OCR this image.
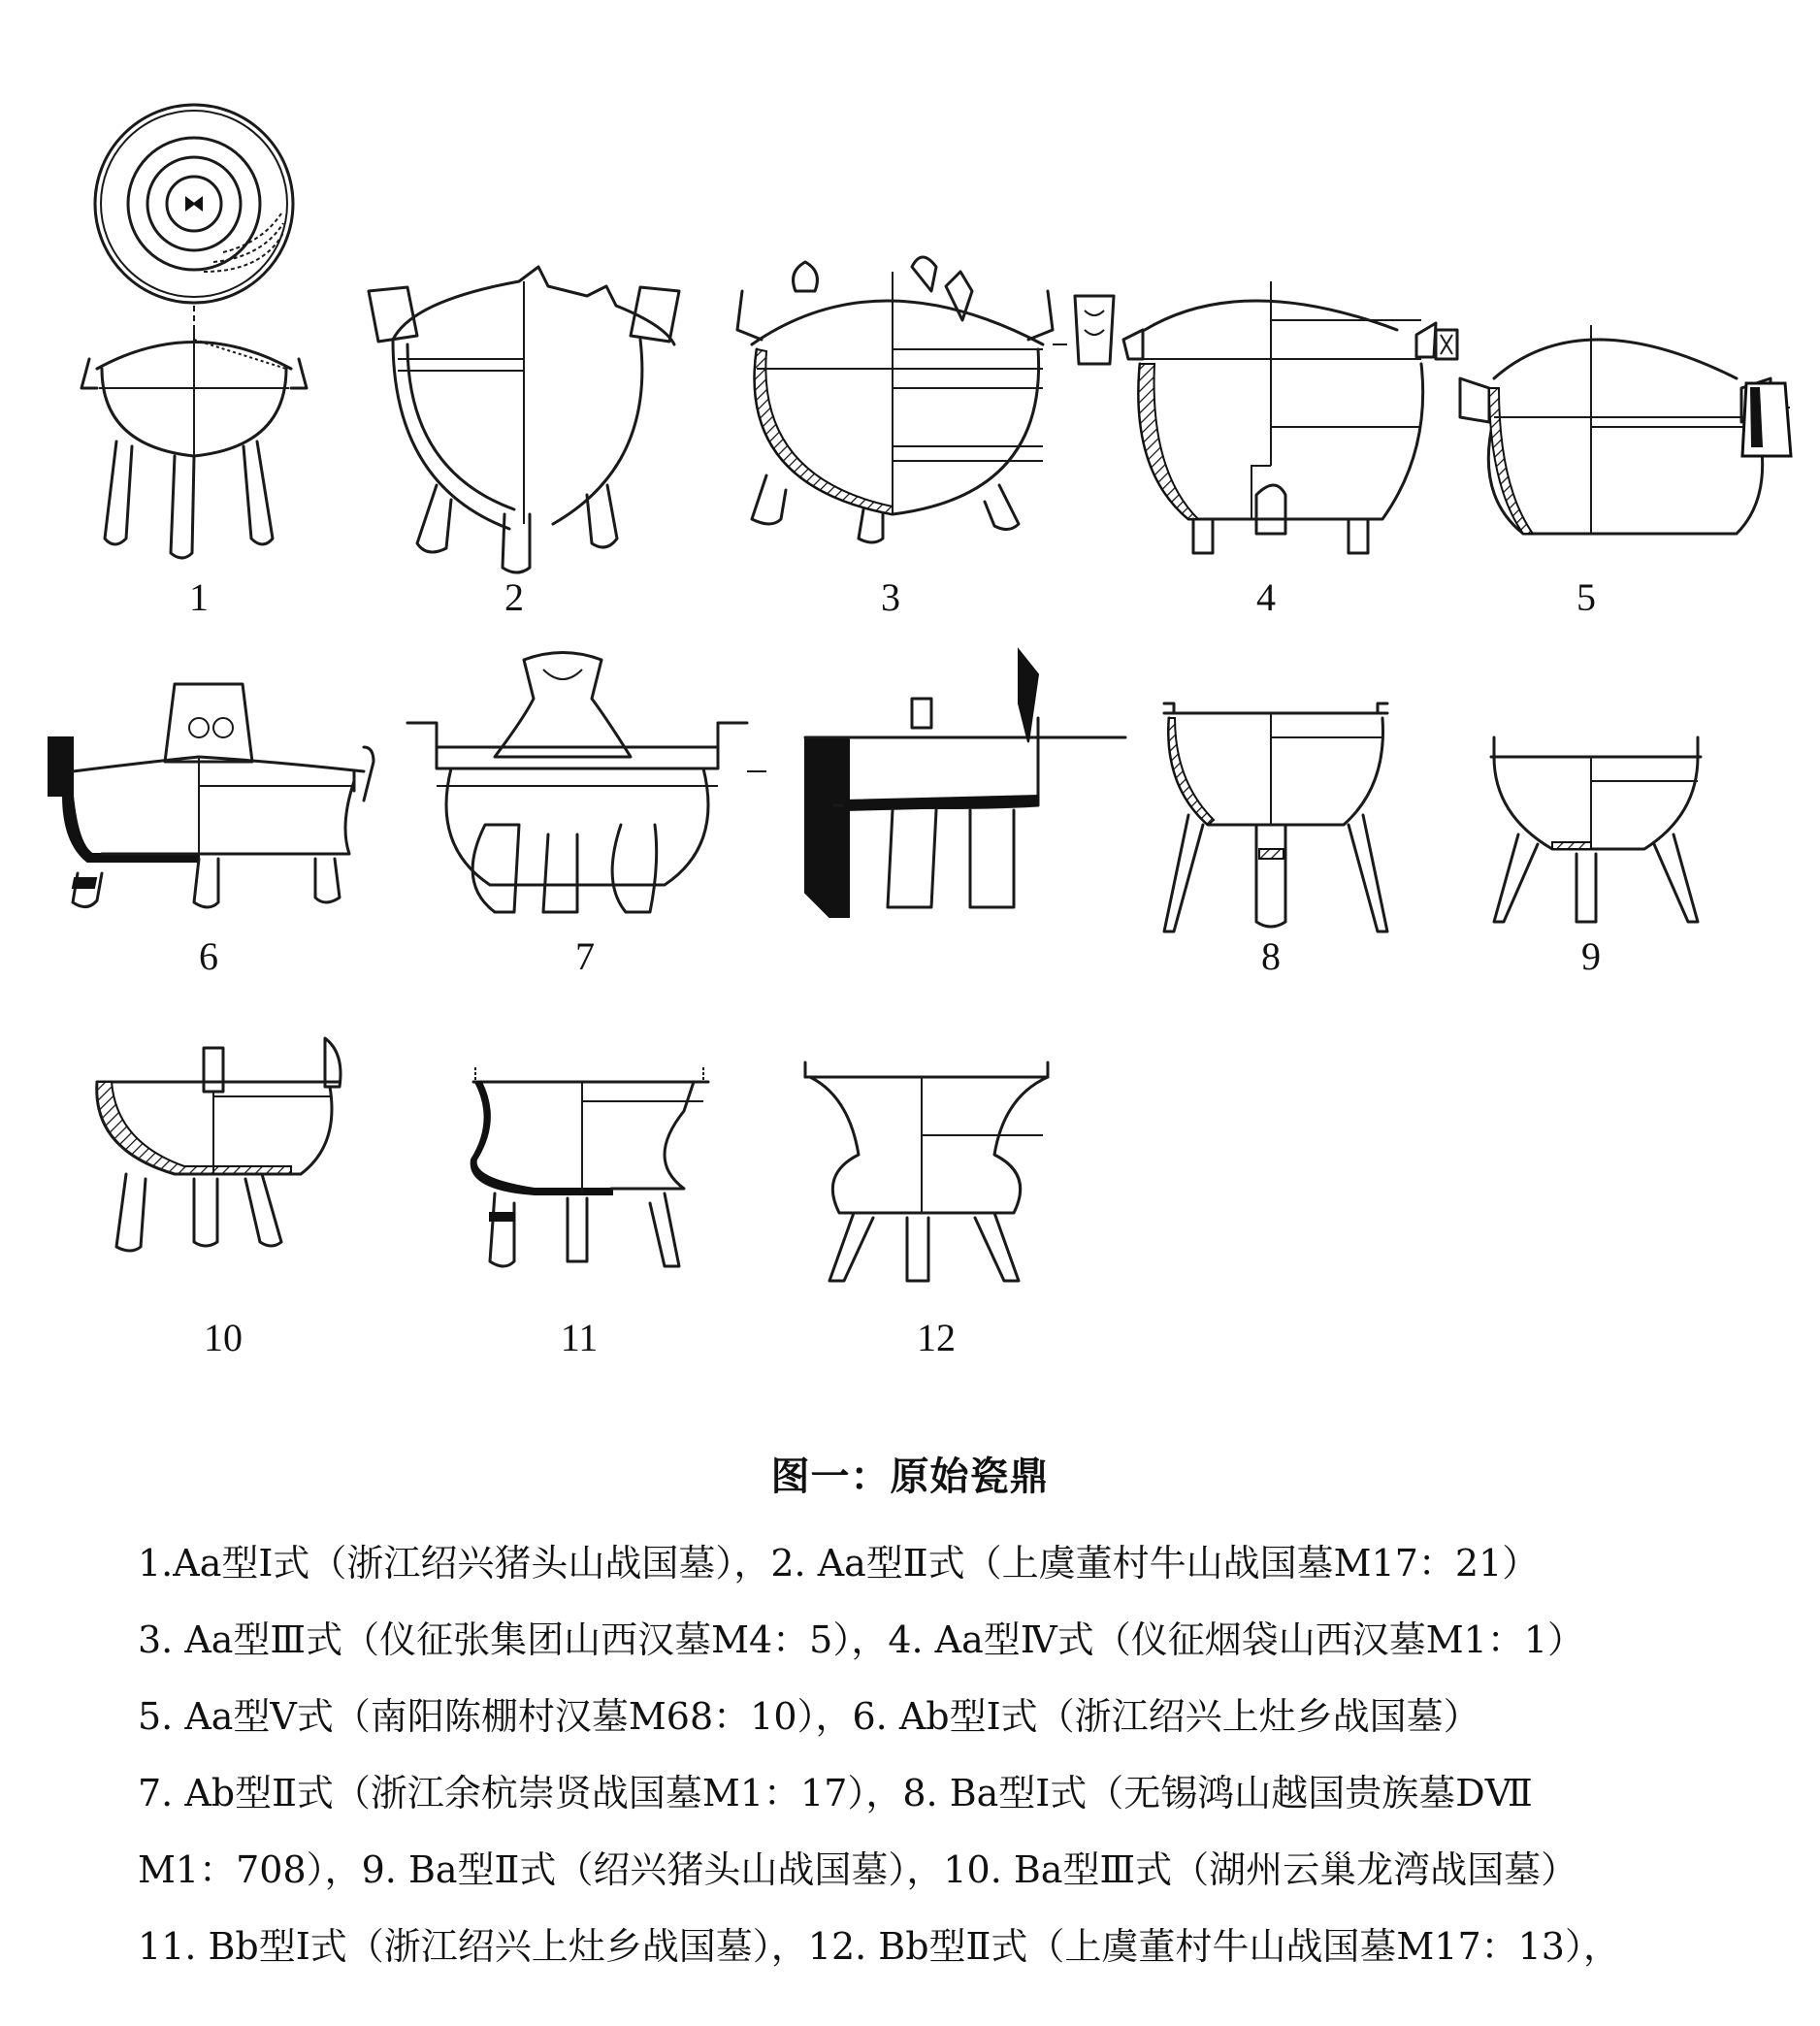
1	2	3	4	5
6	7	8	9
10	11	12
图一：原始瓷鼎
1.Aa型Ⅰ式（浙江绍兴猪头山战国墓），2. Aa型Ⅱ式（上虞董村牛山战国墓M17：21）
3. Aa型Ⅲ式（仪征张集团山西汉墓M4：5），4. Aa型Ⅳ式（仪征烟袋山西汉墓M1：1）
5. Aa型Ⅴ式（南阳陈棚村汉墓M68：10），6. Ab型Ⅰ式（浙江绍兴上灶乡战国墓）
7. Ab型Ⅱ式（浙江余杭崇贤战国墓M1：17），8. Ba型Ⅰ式（无锡鸿山越国贵族墓DⅦ
M1：708），9. Ba型Ⅱ式（绍兴猪头山战国墓），10. Ba型Ⅲ式（湖州云巢龙湾战国墓）
11. Bb型Ⅰ式（浙江绍兴上灶乡战国墓），12. Bb型Ⅱ式（上虞董村牛山战国墓M17：13），
